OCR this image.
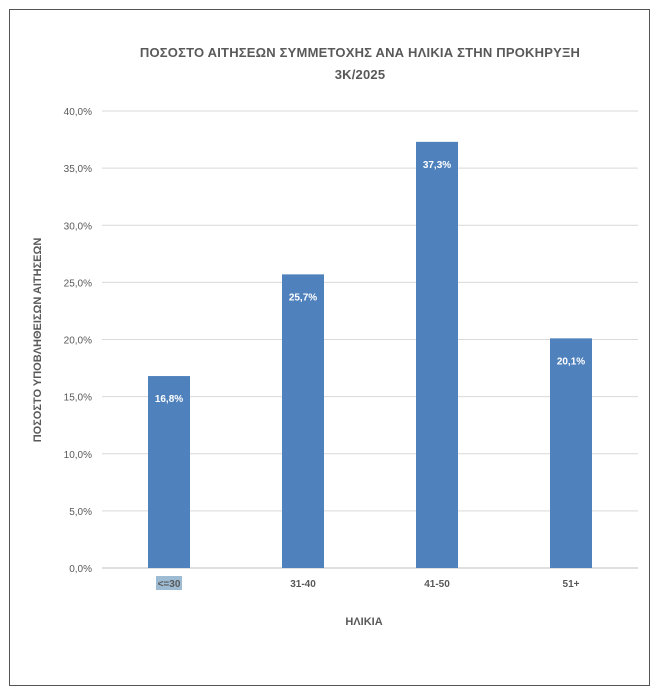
ΠΟΣΟΣΤΟ ΑΙΤΗΣΕΩΝ ΣΥΜΜΕΤΟΧΗΣ ΑΝΑ ΗΛΙΚΙΑ ΣΤΗΝ ΠΡΟΚΗΡΥΞΗ
3Κ/2025
0,0%
5,0%
10,0%
15,0%
20,0%
25,0%
30,0%
35,0%
40,0%
16,8%
25,7%
37,3%
20,1%
<=30	31-40	41-50	51+
ΗΛΙΚΙΑ
ΠΟΣΟΣΤΟ ΥΠΟΒΛΗΘΕΙΣΩΝ ΑΙΤΗΣΕΩΝ
